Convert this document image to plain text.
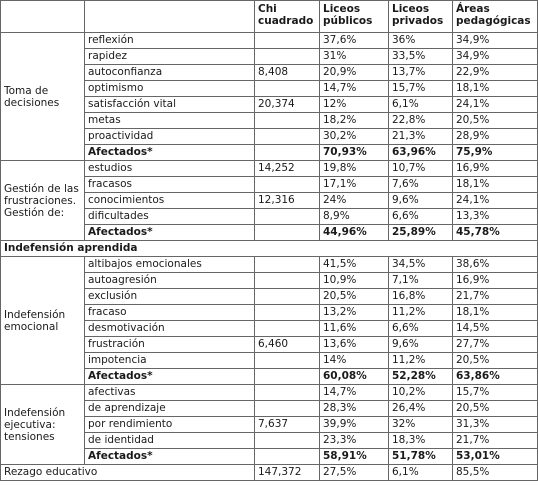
		Chi cuadrado	Liceos públicos	Liceos privados	Áreas pedagógicas
Toma de decisiones	reflexión		37,6%	36%	34,9%
	rapidez		31%	33,5%	34,9%
	autoconfianza	8,408	20,9%	13,7%	22,9%
	optimismo		14,7%	15,7%	18,1%
	satisfacción vital	20,374	12%	6,1%	24,1%
	metas		18,2%	22,8%	20,5%
	proactividad		30,2%	21,3%	28,9%
	Afectados*		70,93%	63,96%	75,9%
Gestión de las frustraciones. Gestión de:	estudios	14,252	19,8%	10,7%	16,9%
	fracasos		17,1%	7,6%	18,1%
	conocimientos	12,316	24%	9,6%	24,1%
	dificultades		8,9%	6,6%	13,3%
	Afectados*		44,96%	25,89%	45,78%
Indefensión aprendida					
Indefensión emocional	altibajos emocionales		41,5%	34,5%	38,6%
	autoagresión		10,9%	7,1%	16,9%
	exclusión		20,5%	16,8%	21,7%
	fracaso		13,2%	11,2%	18,1%
	desmotivación		11,6%	6,6%	14,5%
	frustración	6,460	13,6%	9,6%	27,7%
	impotencia		14%	11,2%	20,5%
	Afectados*		60,08%	52,28%	63,86%
Indefensión ejecutiva: tensiones	afectivas		14,7%	10,2%	15,7%
	de aprendizaje		28,3%	26,4%	20,5%
	por rendimiento	7,637	39,9%	32%	31,3%
	de identidad		23,3%	18,3%	21,7%
	Afectados*		58,91%	51,78%	53,01%
Rezago educativo		147,372	27,5%	6,1%	85,5%
